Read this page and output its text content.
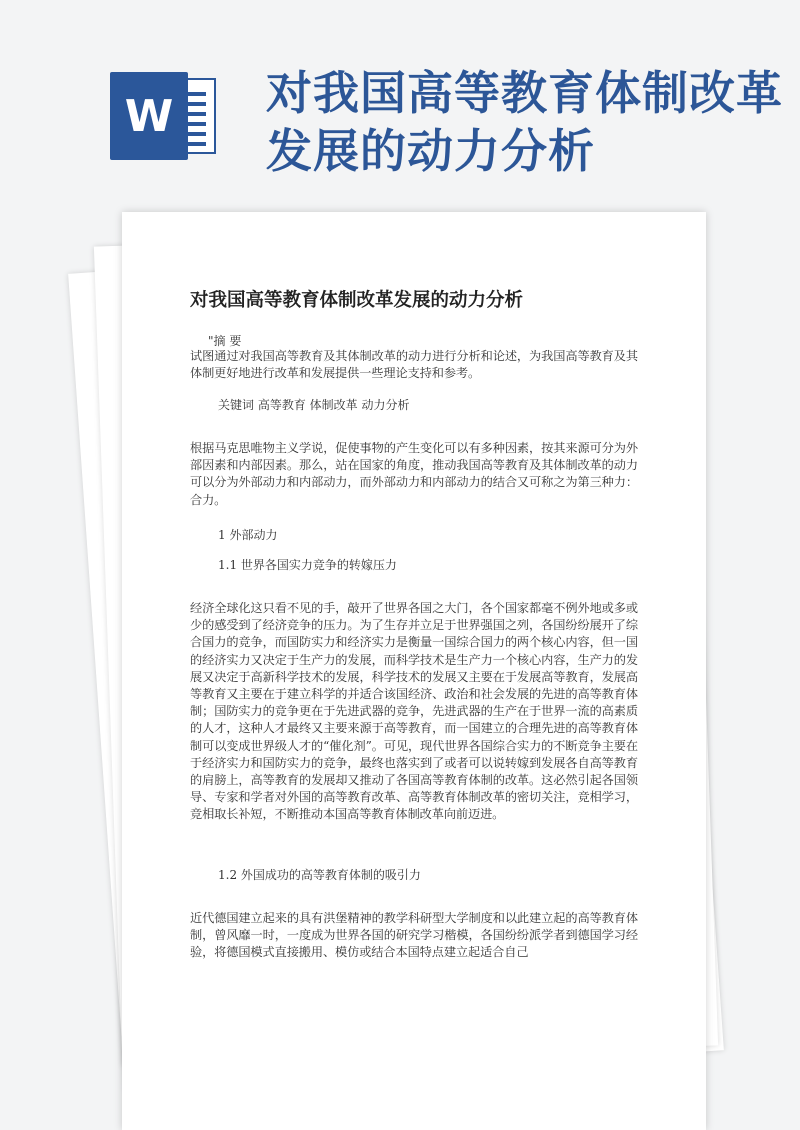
W	对我国高等教育体制改革发展的动力分析
对我国高等教育体制改革发展的动力分析
"摘 要

试图通过对我国高等教育及其体制改革的动力进行分析和论述，为我国高等教育及其体制更好地进行改革和发展提供一些理论支持和参考。

关键词 高等教育 体制改革 动力分析

根据马克思唯物主义学说，促使事物的产生变化可以有多种因素，按其来源可分为外部因素和内部因素。那么，站在国家的角度，推动我国高等教育及其体制改革的动力可以分为外部动力和内部动力，而外部动力和内部动力的结合又可称之为第三种力：合力。

1 外部动力
1.1 世界各国实力竞争的转嫁压力

经济全球化这只看不见的手，敲开了世界各国之大门，各个国家都毫不例外地或多或少的感受到了经济竞争的压力。为了生存并立足于世界强国之列，各国纷纷展开了综合国力的竞争，而国防实力和经济实力是衡量一国综合国力的两个核心内容，但一国的经济实力又决定于生产力的发展，而科学技术是生产力一个核心内容，生产力的发展又决定于高新科学技术的发展，科学技术的发展又主要在于发展高等教育，发展高等教育又主要在于建立科学的并适合该国经济、政治和社会发展的先进的高等教育体制；国防实力的竞争更在于先进武器的竞争，先进武器的生产在于世界一流的高素质的人才，这种人才最终又主要来源于高等教育，而一国建立的合理先进的高等教育体制可以变成世界级人才的“催化剂”。可见，现代世界各国综合实力的不断竞争主要在于经济实力和国防实力的竞争，最终也落实到了或者可以说转嫁到发展各自高等教育的肩膀上，高等教育的发展却又推动了各国高等教育体制的改革。这必然引起各国领导、专家和学者对外国的高等教育改革、高等教育体制改革的密切关注，竞相学习，竞相取长补短，不断推动本国高等教育体制改革向前迈进。

1.2 外国成功的高等教育体制的吸引力

近代德国建立起来的具有洪堡精神的教学科研型大学制度和以此建立起的高等教育体制，曾风靡一时，一度成为世界各国的研究学习楷模，各国纷纷派学者到德国学习经验，将德国模式直接搬用、模仿或结合本国特点建立起适合自己
